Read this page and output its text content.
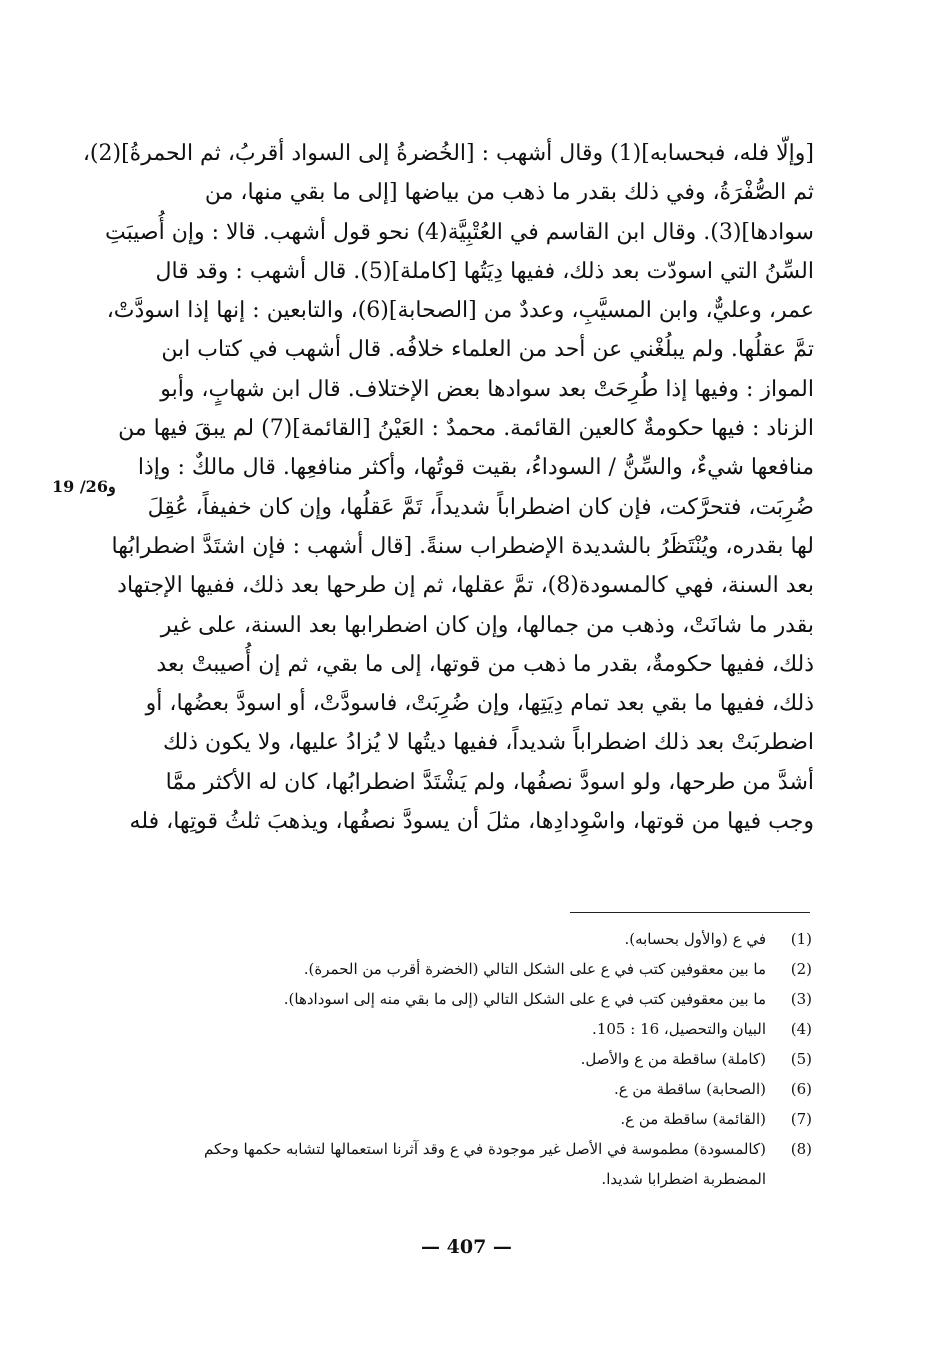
[وإلّا فله، فبحسابه](1) وقال أشهب : [الخُضرةُ إلى السواد أقربُ، ثم الحمرةُ](2)،
ثم الصُّفْرَةُ، وفي ذلك بقدر ما ذهب من بياضها [إلى ما بقي منها، من
سوادها](3). وقال ابن القاسم في العُتْبِيَّة(4) نحو قول أشهب. قالا : وإن أُصيبَتِ
السِّنُ التي اسودّت بعد ذلك، ففيها دِيَتُها [كاملة](5). قال أشهب : وقد قال
عمر، وعليٌّ، وابن المسيَّبِ، وعددٌ من [الصحابة](6)، والتابعين : إنها إذا اسودَّتْ،
تمَّ عقلُها. ولم يبلُغْني عن أحد من العلماء خلافُه. قال أشهب في كتاب ابن
المواز : وفيها إذا طُرِحَتْ بعد سوادها بعض الإختلاف. قال ابن شهابٍ، وأبو
الزناد : فيها حكومةٌ كالعين القائمة. محمدٌ : العَيْنُ [القائمة](7) لم يبقَ فيها من
منافعها شيءٌ، والسِّنُّ / السوداءُ، بقيت قوتُها، وأكثر منافعِها. قال مالكٌ : وإذا
ضُرِبَت، فتحرَّكت، فإن كان اضطراباً شديداً، تَمَّ عَقلُها، وإن كان خفيفاً، عُقِلَ
لها بقدره، ويُنْتَظَرُ بالشديدة الإضطراب سنةً. [قال أشهب : فإن اشتَدَّ اضطرابُها
بعد السنة، فهي كالمسودة(8)، تمَّ عقلها، ثم إن طرحها بعد ذلك، ففيها الإجتهاد
بقدر ما شانَتْ، وذهب من جمالها، وإن كان اضطرابها بعد السنة، على غير
ذلك، ففيها حكومةٌ، بقدر ما ذهب من قوتها، إلى ما بقي، ثم إن أُصيبتْ بعد
ذلك، ففيها ما بقي بعد تمام دِيَتِها، وإن ضُرِبَتْ، فاسودَّتْ، أو اسودَّ بعضُها، أو
اضطربَتْ بعد ذلك اضطراباً شديداً، ففيها ديتُها لا يُزادُ عليها، ولا يكون ذلك
أشدَّ من طرحها، ولو اسودَّ نصفُها، ولم يَشْتَدَّ اضطرابُها، كان له الأكثر ممَّا
وجب فيها من قوتها، واسْوِدادِها، مثلَ أن يسودَّ نصفُها، ويذهبَ ثلثُ قوتِها، فله
19 /26و
(1)
في ع (والأول بحسابه).
(2)
ما بين معقوفين كتب في ع على الشكل التالي (الخضرة أقرب من الحمرة).
(3)
ما بين معقوفين كتب في ع على الشكل التالي (إلى ما بقي منه إلى اسودادها).
(4)
البيان والتحصيل، 16 : 105.
(5)
(كاملة) ساقطة من ع والأصل.
(6)
(الصحابة) ساقطة من ع.
(7)
(القائمة) ساقطة من ع.
(8)
(كالمسودة) مطموسة في الأصل غير موجودة في ع وقد آثرنا استعمالها لتشابه حكمها وحكم
المضطربة اضطرابا شديدا.
— 407 —
